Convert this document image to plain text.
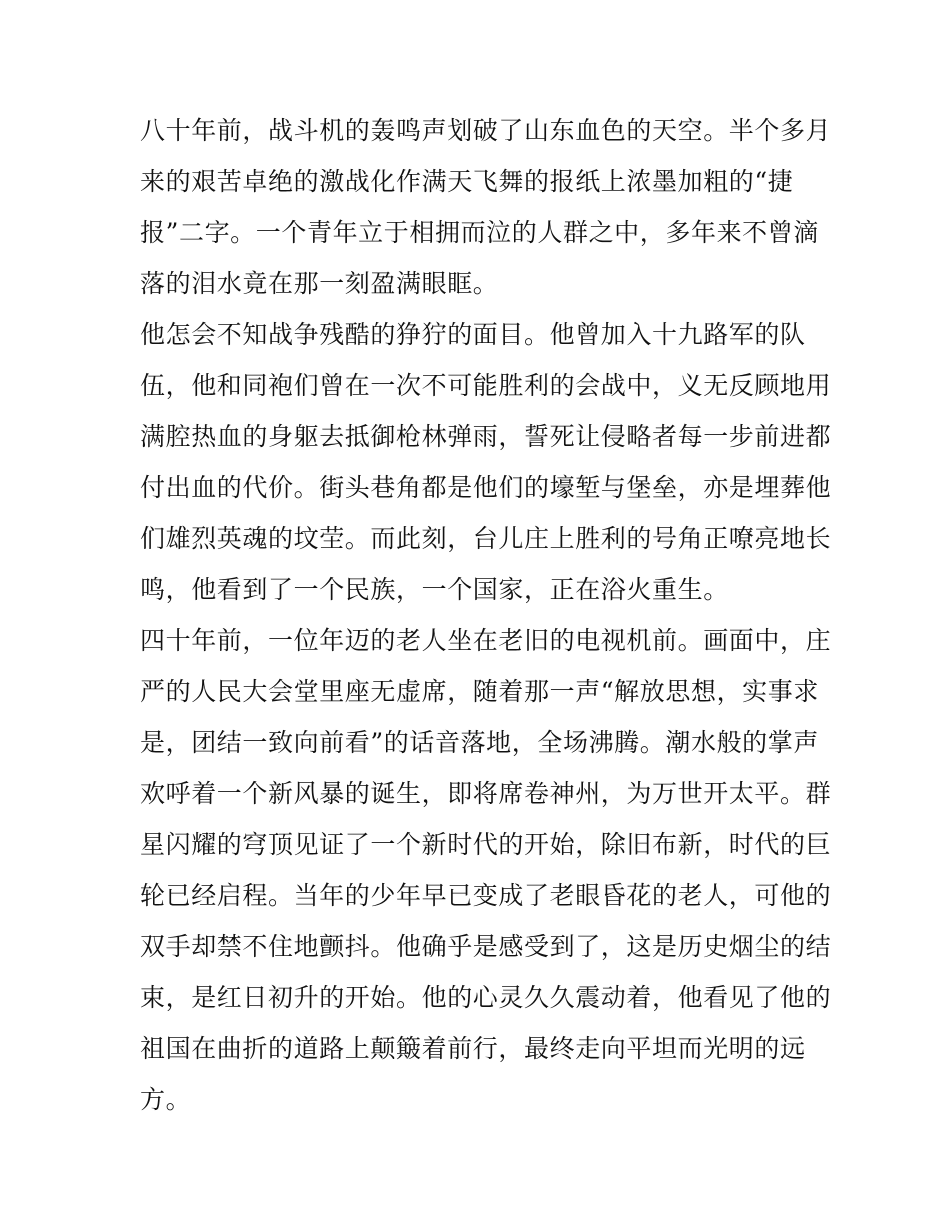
八十年前，战斗机的轰鸣声划破了山东血色的天空。半个多月
来的艰苦卓绝的激战化作满天飞舞的报纸上浓墨加粗的“捷
报”二字。一个青年立于相拥而泣的人群之中，多年来不曾滴
落的泪水竟在那一刻盈满眼眶。
他怎会不知战争残酷的狰狞的面目。他曾加入十九路军的队
伍，他和同袍们曾在一次不可能胜利的会战中，义无反顾地用
满腔热血的身躯去抵御枪林弹雨，誓死让侵略者每一步前进都
付出血的代价。街头巷角都是他们的壕堑与堡垒，亦是埋葬他
们雄烈英魂的坟茔。而此刻，台儿庄上胜利的号角正嘹亮地长
鸣，他看到了一个民族，一个国家，正在浴火重生。
四十年前，一位年迈的老人坐在老旧的电视机前。画面中，庄
严的人民大会堂里座无虚席，随着那一声“解放思想，实事求
是，团结一致向前看”的话音落地，全场沸腾。潮水般的掌声
欢呼着一个新风暴的诞生，即将席卷神州，为万世开太平。群
星闪耀的穹顶见证了一个新时代的开始，除旧布新，时代的巨
轮已经启程。当年的少年早已变成了老眼昏花的老人，可他的
双手却禁不住地颤抖。他确乎是感受到了，这是历史烟尘的结
束，是红日初升的开始。他的心灵久久震动着，他看见了他的
祖国在曲折的道路上颠簸着前行，最终走向平坦而光明的远
方。
